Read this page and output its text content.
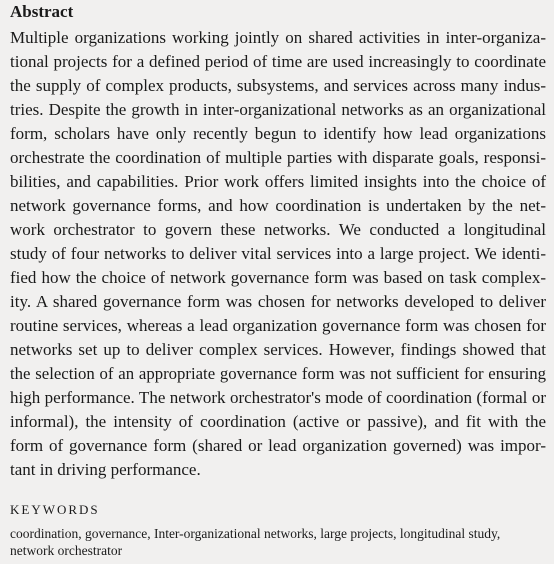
Abstract
Multiple organizations working jointly on shared activities in inter-organiza-
tional projects for a defined period of time are used increasingly to coordinate
the supply of complex products, subsystems, and services across many indus-
tries. Despite the growth in inter-organizational networks as an organizational
form, scholars have only recently begun to identify how lead organizations
orchestrate the coordination of multiple parties with disparate goals, responsi-
bilities, and capabilities. Prior work offers limited insights into the choice of
network governance forms, and how coordination is undertaken by the net-
work orchestrator to govern these networks. We conducted a longitudinal
study of four networks to deliver vital services into a large project. We identi-
fied how the choice of network governance form was based on task complex-
ity. A shared governance form was chosen for networks developed to deliver
routine services, whereas a lead organization governance form was chosen for
networks set up to deliver complex services. However, findings showed that
the selection of an appropriate governance form was not sufficient for ensuring
high performance. The network orchestrator's mode of coordination (formal or
informal), the intensity of coordination (active or passive), and fit with the
form of governance form (shared or lead organization governed) was impor-
tant in driving performance.
KEYWORDS
coordination, governance, Inter-organizational networks, large projects, longitudinal study,
network orchestrator
